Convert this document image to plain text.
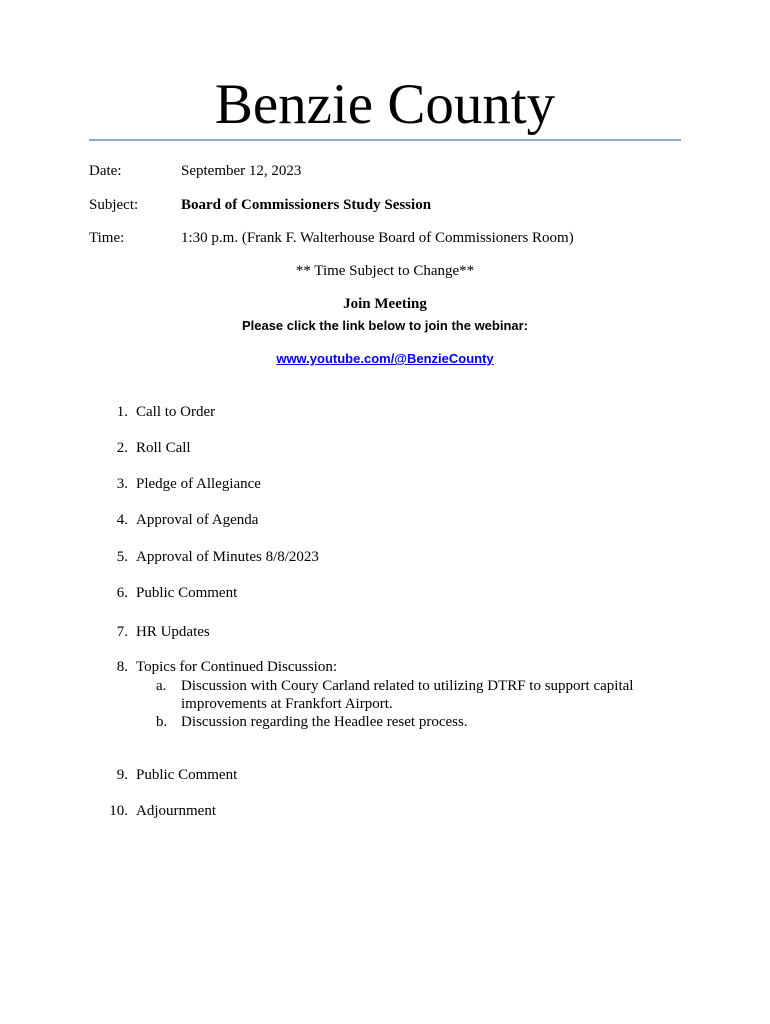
Benzie County
Date:	September 12, 2023
Subject:	Board of Commissioners Study Session
Time:	1:30 p.m. (Frank F. Walterhouse Board of Commissioners Room)
** Time Subject to Change**
Join Meeting
Please click the link below to join the webinar:
www.youtube.com/@BenzieCounty
1. Call to Order
2. Roll Call
3. Pledge of Allegiance
4. Approval of Agenda
5. Approval of Minutes 8/8/2023
6. Public Comment
7. HR Updates
8. Topics for Continued Discussion:
a. Discussion with Coury Carland related to utilizing DTRF to support capital improvements at Frankfort Airport.
b. Discussion regarding the Headlee reset process.
9. Public Comment
10. Adjournment
